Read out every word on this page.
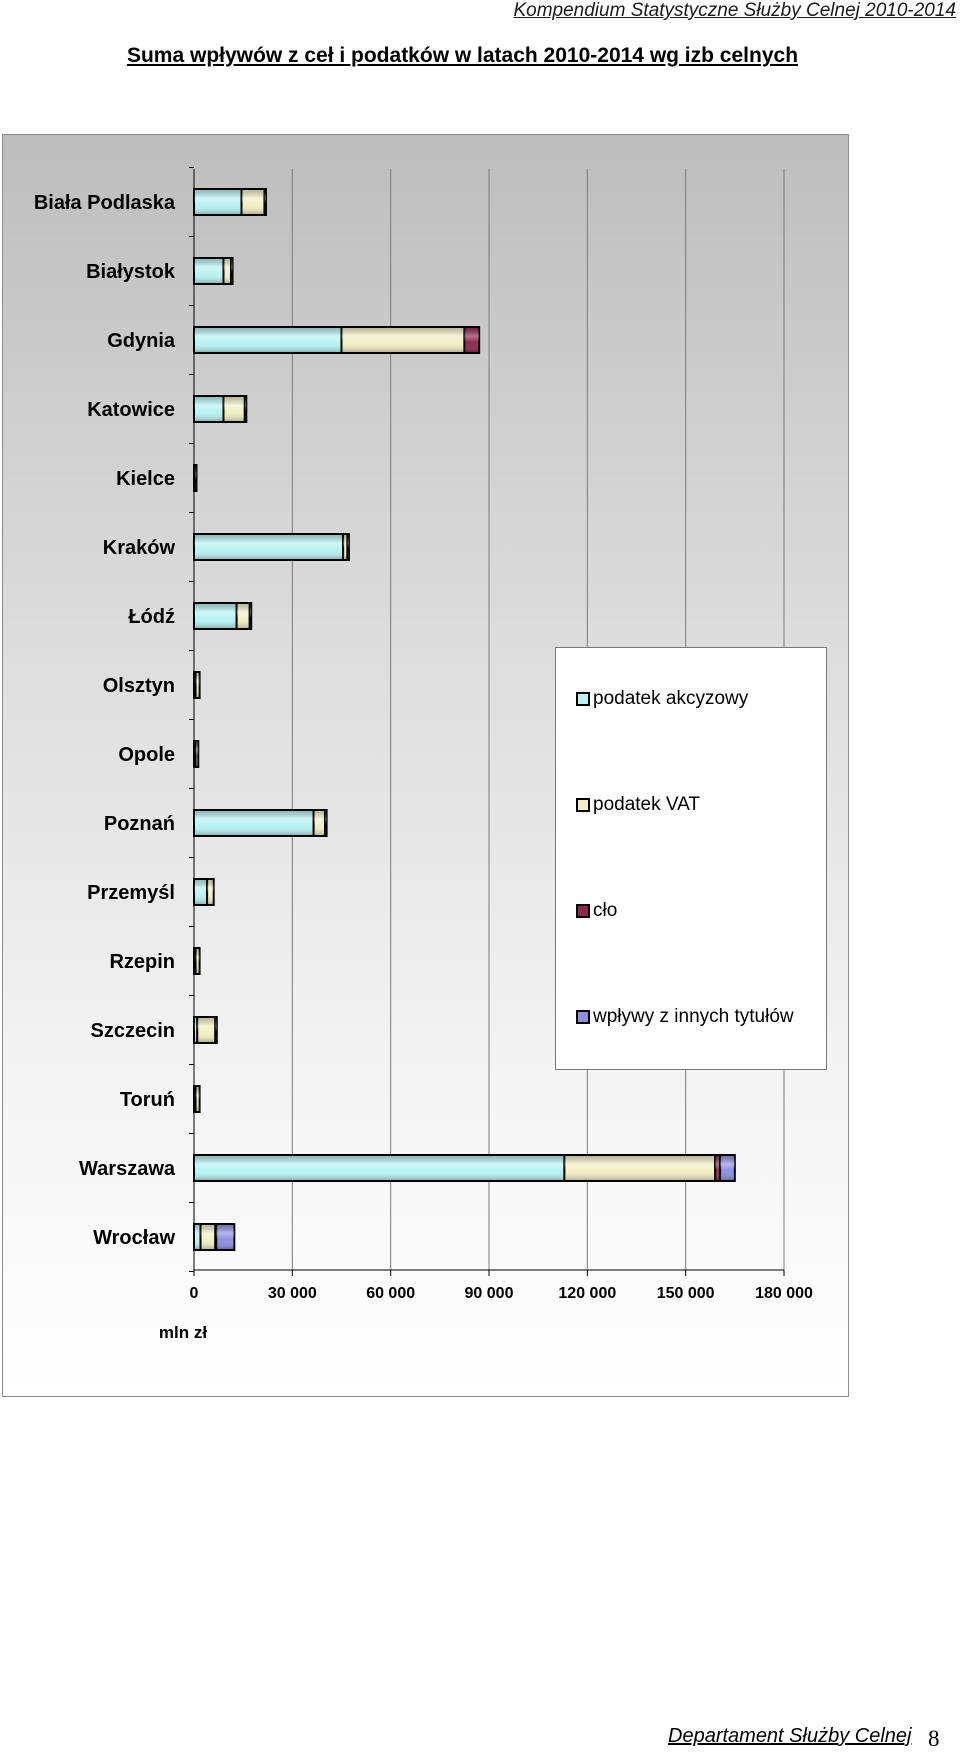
Kompendium Statystyczne Służby Celnej 2010-2014
Suma wpływów z ceł i podatków w latach 2010-2014 wg izb celnych
0	30 000	60 000	90 000	120 000	150 000	180 000
mln zł
Biała Podlaska
Białystok
Gdynia
Katowice
Kielce
Kraków
Łódź
Olsztyn
Opole
Poznań
Przemyśl
Rzepin
Szczecin
Toruń
Warszawa
Wrocław
podatek akcyzowy
podatek VAT
cło
wpływy z innych tytułów
Departament Służby Celnej 8
